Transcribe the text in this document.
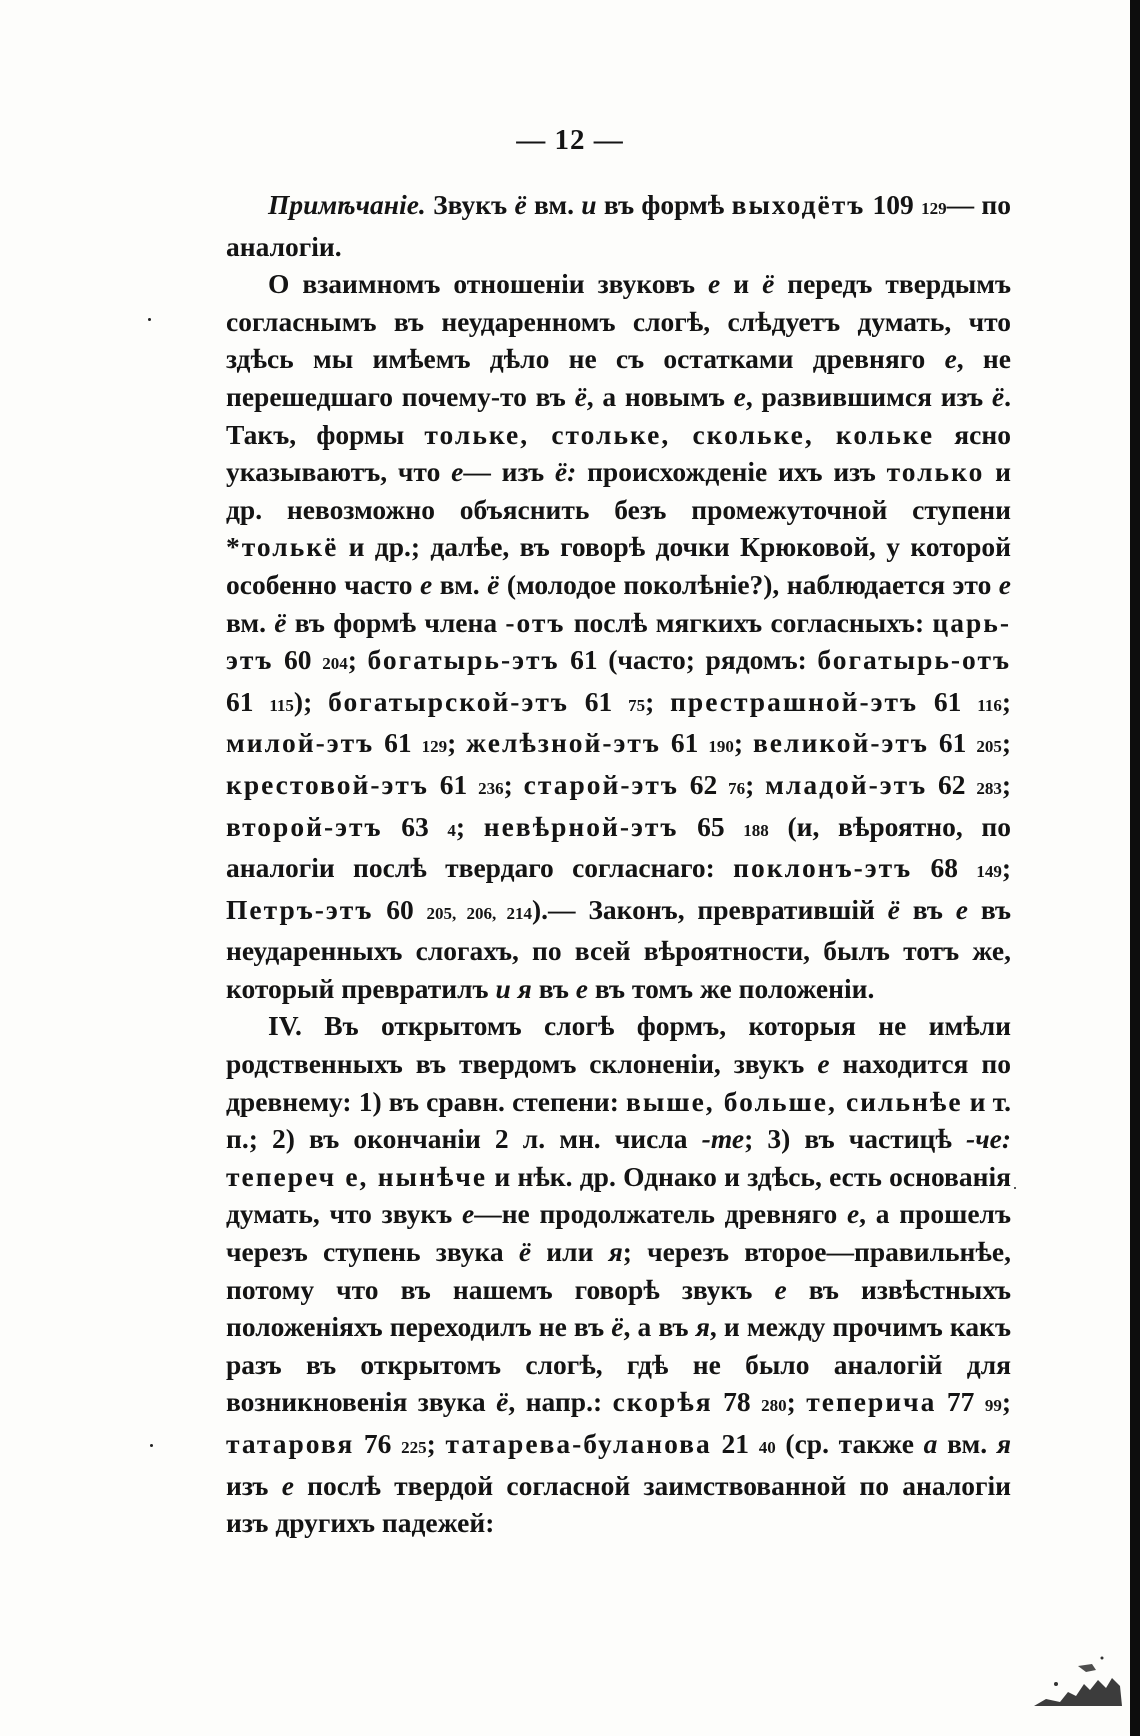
— 12 —

Примѣчаніе. Звукъ ё вм. и въ формѣ выходётъ 109 129— по аналогіи.

О взаимномъ отношеніи звуковъ е и ё передъ твердымъ согласнымъ въ неударенномъ слогѣ, слѣдуетъ думать, что здѣсь мы имѣемъ дѣло не съ остатками древняго е, не перешедшаго почему-то въ ё, а новымъ е, развившимся изъ ё. Такъ, формы тольке, стольке, скольке, кольке ясно указываютъ, что е— изъ ё: происхожденіе ихъ изъ только и др. невозможно объяснить безъ промежуточной ступени *толькё и др.; далѣе, въ говорѣ дочки Крюковой, у которой особенно часто е вм. ё (молодое поколѣніе?), наблюдается это е вм. ё въ формѣ члена -отъ послѣ мягкихъ согласныхъ: царь-этъ 60 204; богатырь-этъ 61 (часто; рядомъ: богатырь-отъ 61 115); богатырской-этъ 61 75; престрашной-этъ 61 116; милой-этъ 61 129; желѣзной-этъ 61 190; великой-этъ 61 205; крестовой-этъ 61 236; старой-этъ 62 76; младой-этъ 62 283; второй-этъ 63 4; невѣрной-этъ 65 188 (и, вѣроятно, по аналогіи послѣ твердаго согласнаго: поклонъ-этъ 68 149; Петръ-этъ 60 205, 206, 214).— Законъ, превратившій ё въ е въ неударенныхъ слогахъ, по всей вѣроятности, былъ тотъ же, который превратилъ и я въ е въ томъ же положеніи.

IV. Въ открытомъ слогѣ формъ, которыя не имѣли родственныхъ въ твердомъ склоненіи, звукъ е находится по древнему: 1) въ сравн. степени: выше, больше, сильнѣе и т. п.; 2) въ окончаніи 2 л. мн. числа -те; 3) въ частицѣ -че: тепереч е, нынѣче и нѣк. др. Однако и здѣсь, есть основанія думать, что звукъ е—не продолжатель древняго е, а прошелъ черезъ ступень звука ё или я; черезъ второе—правильнѣе, потому что въ нашемъ говорѣ звукъ е въ извѣстныхъ положеніяхъ переходилъ не въ ё, а въ я, и между прочимъ какъ разъ въ открытомъ слогѣ, гдѣ не было аналогій для возникновенія звука ё, напр.: скорѣя 78 280; теперича 77 99; татаровя 76 225; татарева-буланова 21 40 (ср. также а вм. я изъ е послѣ твердой согласной заимствованной по аналогіи изъ другихъ падежей:
